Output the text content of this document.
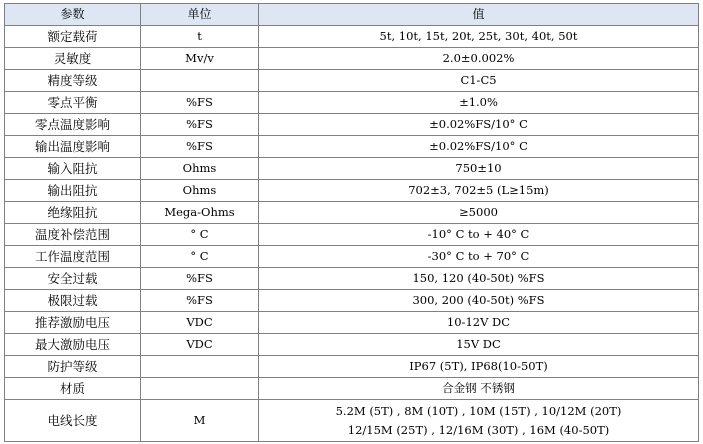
参数	单位	值
额定载荷	t	5t, 10t, 15t, 20t, 25t, 30t, 40t, 50t
灵敏度	Mv/v	2.0±0.002%
精度等级		C1-C5
零点平衡	%FS	±1.0%
零点温度影响	%FS	±0.02%FS/10° C
输出温度影响	%FS	±0.02%FS/10° C
输入阻抗	Ohms	750±10
输出阻抗	Ohms	702±3, 702±5 (L≥15m)
绝缘阻抗	Mega-Ohms	≥5000
温度补偿范围	° C	-10° C to + 40° C
工作温度范围	° C	-30° C to + 70° C
安全过载	%FS	150, 120 (40-50t) %FS
极限过载	%FS	300, 200 (40-50t) %FS
推荐激励电压	VDC	10-12V DC
最大激励电压	VDC	15V DC
防护等级		IP67 (5T), IP68(10-50T)
材质		合金钢 不锈钢
电线长度	M	5.2M (5T) , 8M (10T) , 10M (15T) , 10/12M (20T)
12/15M (25T) , 12/16M (30T) , 16M (40-50T)
